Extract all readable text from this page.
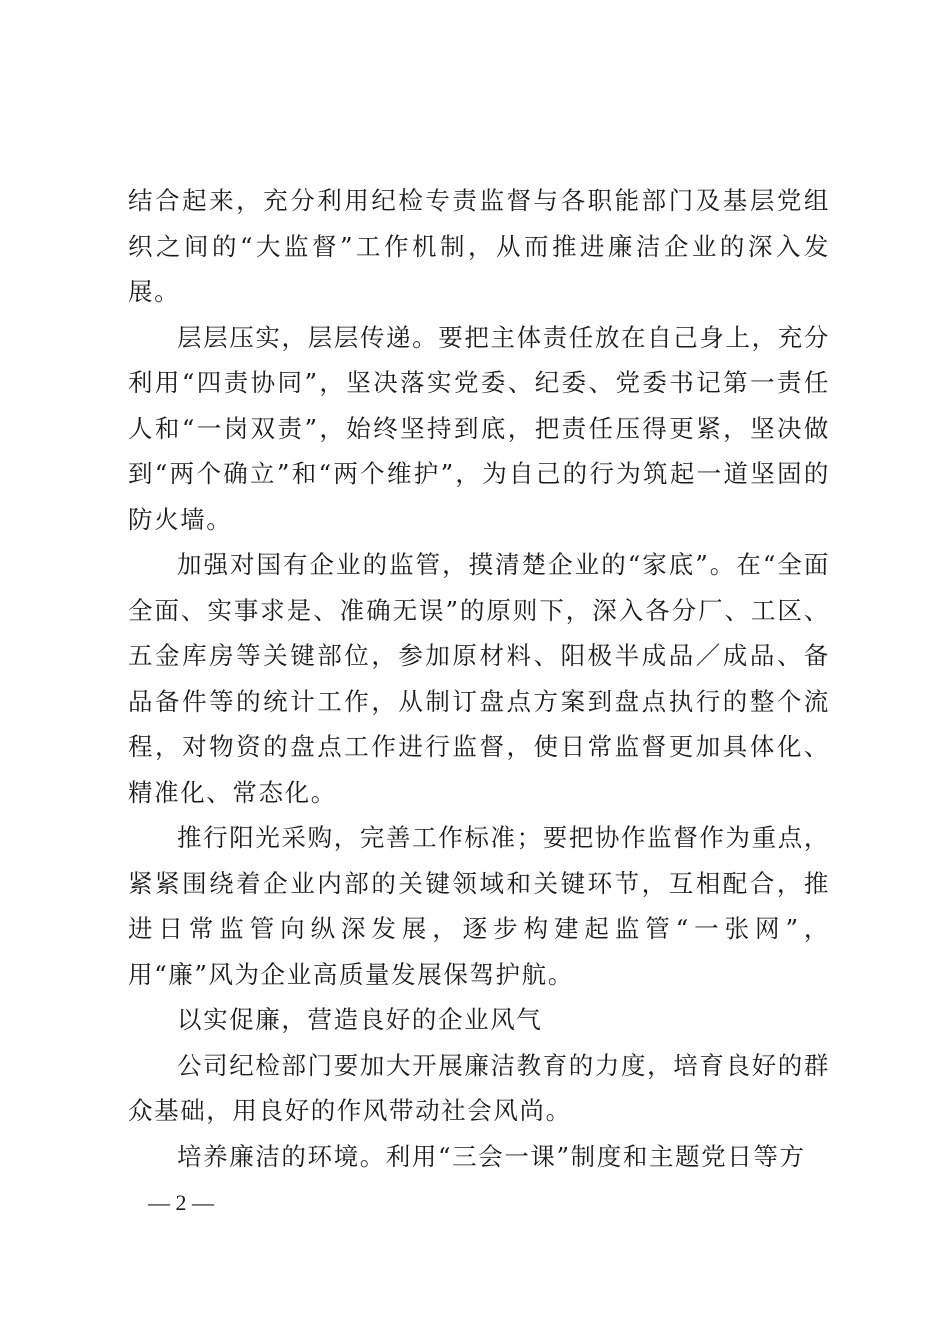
结合起来，充分利用纪检专责监督与各职能部门及基层党组织之间的“大监督”工作机制，从而推进廉洁企业的深入发展。

层层压实，层层传递。要把主体责任放在自己身上，充分利用“四责协同”，坚决落实党委、纪委、党委书记第一责任人和“一岗双责”，始终坚持到底，把责任压得更紧，坚决做到“两个确立”和“两个维护”，为自己的行为筑起一道坚固的防火墙。

加强对国有企业的监管，摸清楚企业的“家底”。在“全面全面、实事求是、准确无误”的原则下，深入各分厂、工区、五金库房等关键部位，参加原材料、阳极半成品／成品、备品备件等的统计工作，从制订盘点方案到盘点执行的整个流程，对物资的盘点工作进行监督，使日常监督更加具体化、精准化、常态化。

推行阳光采购，完善工作标准；要把协作监督作为重点，紧紧围绕着企业内部的关键领域和关键环节，互相配合，推进日常监管向纵深发展，逐步构建起监管“一张网”，用“廉”风为企业高质量发展保驾护航。

以实促廉，营造良好的企业风气

公司纪检部门要加大开展廉洁教育的力度，培育良好的群众基础，用良好的作风带动社会风尚。

培养廉洁的环境。利用“三会一课”制度和主题党日等方

— 2 —
